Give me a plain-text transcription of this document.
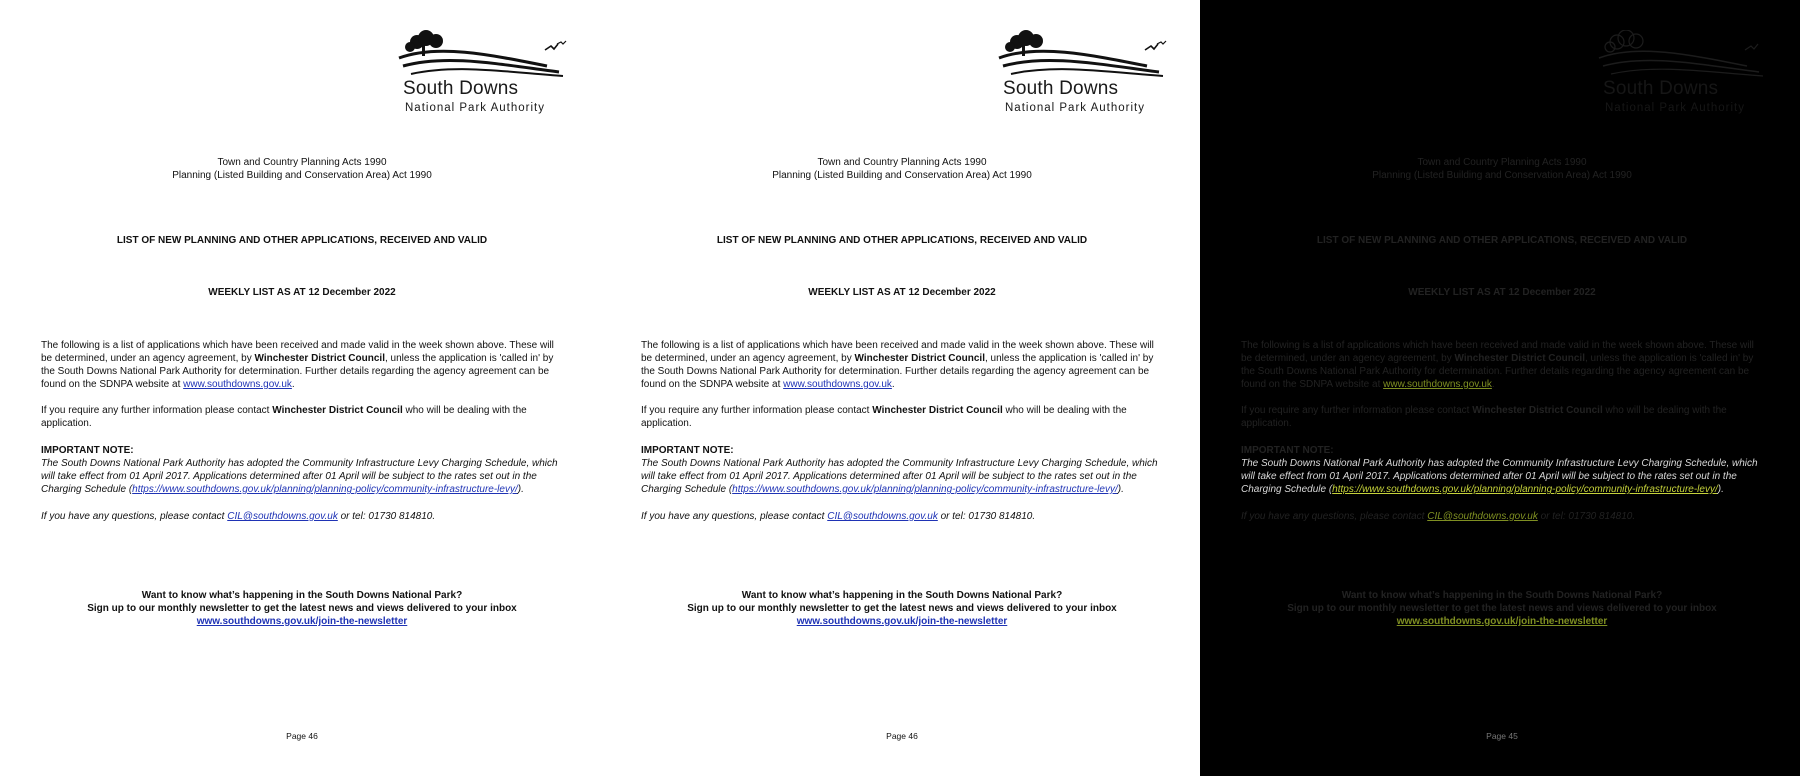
South Downs
National Park Authority
Town and Country Planning Acts 1990
Planning (Listed Building and Conservation Area) Act 1990
LIST OF NEW PLANNING AND OTHER APPLICATIONS, RECEIVED AND VALID
WEEKLY LIST AS AT 12 December 2022
The following is a list of applications which have been received and made valid in the week shown above. These will be determined, under an agency agreement, by Winchester District Council, unless the application is 'called in' by the South Downs National Park Authority for determination. Further details regarding the agency agreement can be found on the SDNPA website at www.southdowns.gov.uk.
If you require any further information please contact Winchester District Council who will be dealing with the application.
IMPORTANT NOTE:
The South Downs National Park Authority has adopted the Community Infrastructure Levy Charging Schedule, which will take effect from 01 April 2017. Applications determined after 01 April will be subject to the rates set out in the Charging Schedule (https://www.southdowns.gov.uk/planning/planning-policy/community-infrastructure-levy/).
If you have any questions, please contact CIL@southdowns.gov.uk or tel: 01730 814810.
Want to know what’s happening in the South Downs National Park?
Sign up to our monthly newsletter to get the latest news and views delivered to your inbox
www.southdowns.gov.uk/join-the-newsletter
Page 46
South Downs
National Park Authority
Town and Country Planning Acts 1990
Planning (Listed Building and Conservation Area) Act 1990
LIST OF NEW PLANNING AND OTHER APPLICATIONS, RECEIVED AND VALID
WEEKLY LIST AS AT 12 December 2022
The following is a list of applications which have been received and made valid in the week shown above. These will be determined, under an agency agreement, by Winchester District Council, unless the application is 'called in' by the South Downs National Park Authority for determination. Further details regarding the agency agreement can be found on the SDNPA website at www.southdowns.gov.uk.
If you require any further information please contact Winchester District Council who will be dealing with the application.
IMPORTANT NOTE:
The South Downs National Park Authority has adopted the Community Infrastructure Levy Charging Schedule, which will take effect from 01 April 2017. Applications determined after 01 April will be subject to the rates set out in the Charging Schedule (https://www.southdowns.gov.uk/planning/planning-policy/community-infrastructure-levy/).
If you have any questions, please contact CIL@southdowns.gov.uk or tel: 01730 814810.
Want to know what’s happening in the South Downs National Park?
Sign up to our monthly newsletter to get the latest news and views delivered to your inbox
www.southdowns.gov.uk/join-the-newsletter
Page 46
South Downs
National Park Authority
Town and Country Planning Acts 1990
Planning (Listed Building and Conservation Area) Act 1990
LIST OF NEW PLANNING AND OTHER APPLICATIONS, RECEIVED AND VALID
WEEKLY LIST AS AT 12 December 2022
The following is a list of applications which have been received and made valid in the week shown above. These will be determined, under an agency agreement, by Winchester District Council, unless the application is 'called in' by the South Downs National Park Authority for determination. Further details regarding the agency agreement can be found on the SDNPA website at www.southdowns.gov.uk.
If you require any further information please contact Winchester District Council who will be dealing with the application.
IMPORTANT NOTE:
The South Downs National Park Authority has adopted the Community Infrastructure Levy Charging Schedule, which will take effect from 01 April 2017. Applications determined after 01 April will be subject to the rates set out in the Charging Schedule (https://www.southdowns.gov.uk/planning/planning-policy/community-infrastructure-levy/).
If you have any questions, please contact CIL@southdowns.gov.uk or tel: 01730 814810.
Want to know what’s happening in the South Downs National Park?
Sign up to our monthly newsletter to get the latest news and views delivered to your inbox
www.southdowns.gov.uk/join-the-newsletter
Page 45
